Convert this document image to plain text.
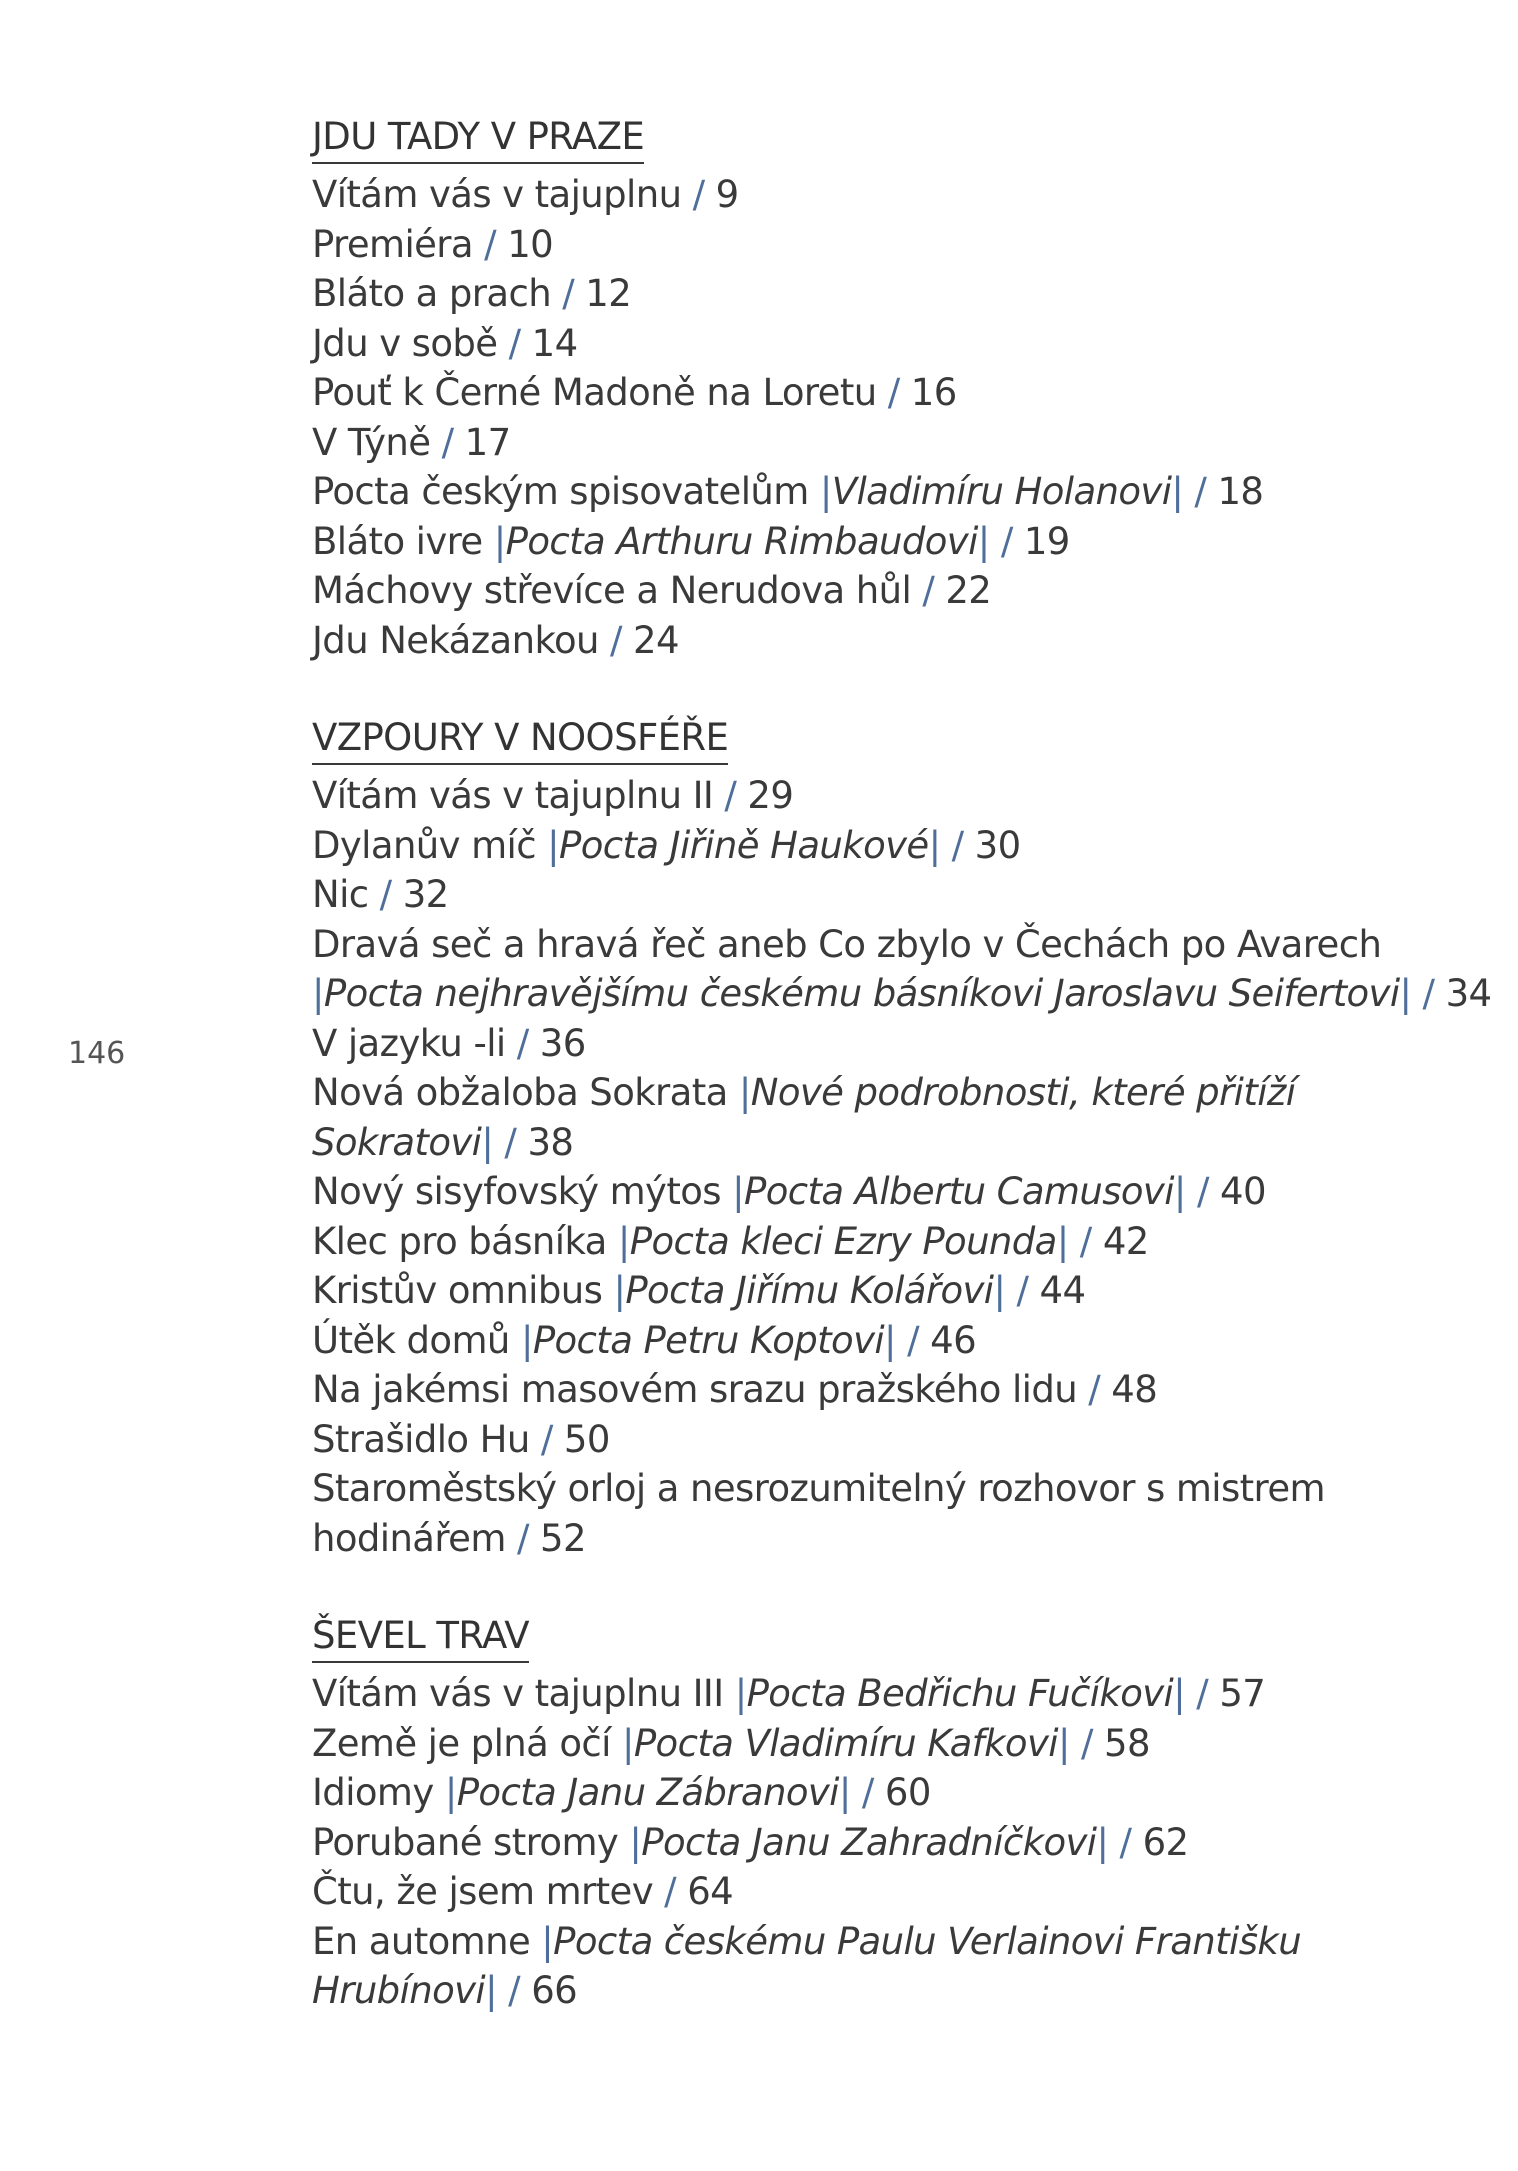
146
JDU TADY V PRAZE
Vítám vás v tajuplnu / 9
Premiéra / 10
Bláto a prach / 12
Jdu v sobě / 14
Pouť k Černé Madoně na Loretu / 16
V Týně / 17
Pocta českým spisovatelům |Vladimíru Holanovi| / 18
Bláto ivre |Pocta Arthuru Rimbaudovi| / 19
Máchovy střevíce a Nerudova hůl / 22
Jdu Nekázankou / 24
VZPOURY V NOOSFÉŘE
Vítám vás v tajuplnu II / 29
Dylanův míč |Pocta Jiřině Haukové| / 30
Nic / 32
Dravá seč a hravá řeč aneb Co zbylo v Čechách po Avarech
|Pocta nejhravějšímu českému básníkovi Jaroslavu Seifertovi| / 34
V jazyku -li / 36
Nová obžaloba Sokrata |Nové podrobnosti, které přitíží
Sokratovi| / 38
Nový sisyfovský mýtos |Pocta Albertu Camusovi| / 40
Klec pro básníka |Pocta kleci Ezry Pounda| / 42
Kristův omnibus |Pocta Jiřímu Kolářovi| / 44
Útěk domů |Pocta Petru Koptovi| / 46
Na jakémsi masovém srazu pražského lidu / 48
Strašidlo Hu / 50
Staroměstský orloj a nesrozumitelný rozhovor s mistrem
hodinářem / 52
ŠEVEL TRAV
Vítám vás v tajuplnu III |Pocta Bedřichu Fučíkovi| / 57
Země je plná očí |Pocta Vladimíru Kafkovi| / 58
Idiomy |Pocta Janu Zábranovi| / 60
Porubané stromy |Pocta Janu Zahradníčkovi| / 62
Čtu, že jsem mrtev / 64
En automne |Pocta českému Paulu Verlainovi Františku
Hrubínovi| / 66
